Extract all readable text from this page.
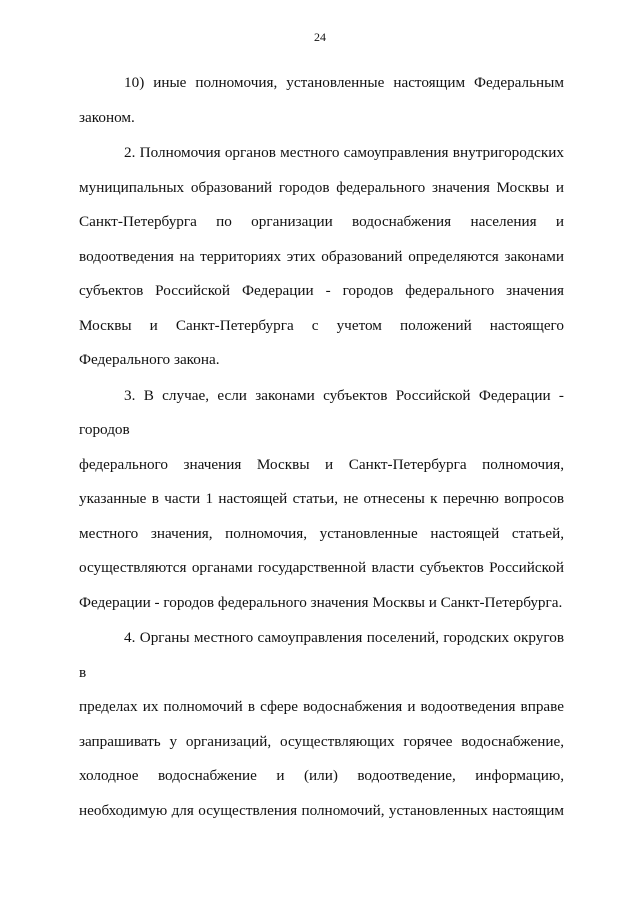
24
10) иные полномочия, установленные настоящим Федеральным
законом.
2. Полномочия органов местного самоуправления внутригородских
муниципальных образований городов федерального значения Москвы и
Санкт-Петербурга по организации водоснабжения населения и
водоотведения на территориях этих образований определяются законами
субъектов Российской Федерации - городов федерального значения
Москвы и Санкт-Петербурга с учетом положений настоящего
Федерального закона.
3. В случае, если законами субъектов Российской Федерации - городов
федерального значения Москвы и Санкт-Петербурга полномочия,
указанные в части 1 настоящей статьи, не отнесены к перечню вопросов
местного значения, полномочия, установленные настоящей статьей,
осуществляются органами государственной власти субъектов Российской
Федерации - городов федерального значения Москвы и Санкт-Петербурга.
4. Органы местного самоуправления поселений, городских округов в
пределах их полномочий в сфере водоснабжения и водоотведения вправе
запрашивать у организаций, осуществляющих горячее водоснабжение,
холодное водоснабжение и (или) водоотведение, информацию,
необходимую для осуществления полномочий, установленных настоящим
